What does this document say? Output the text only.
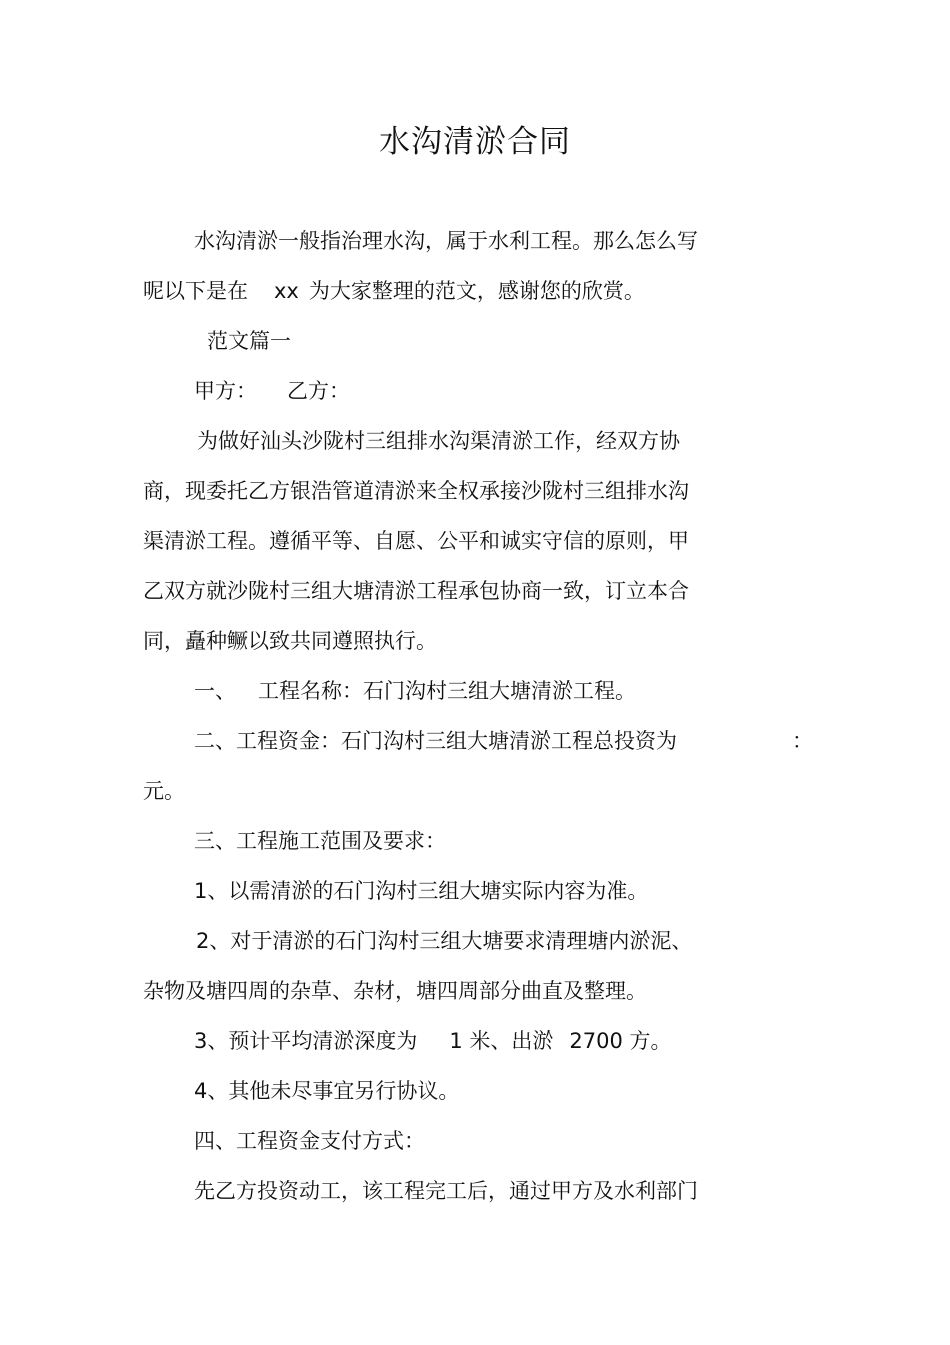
水沟清淤合同
水沟清淤一般指治理水沟，属于水利工程。那么怎么写
呢以下是在 xx 为大家整理的范文，感谢您的欣赏。
范文篇一
甲方： 乙方：
为做好汕头沙陇村三组排水沟渠清淤工作，经双方协
商，现委托乙方银浩管道清淤来全权承接沙陇村三组排水沟
渠清淤工程。遵循平等、自愿、公平和诚实守信的原则，甲
乙双方就沙陇村三组大塘清淤工程承包协商一致，订立本合
同，矗种鳜以致共同遵照执行。
一、 工程名称：石门沟村三组大塘清淤工程。
二、工程资金：石门沟村三组大塘清淤工程总投资为	：
元。
三、工程施工范围及要求：
1、以需清淤的石门沟村三组大塘实际内容为准。
2、对于清淤的石门沟村三组大塘要求清理塘内淤泥、
杂物及塘四周的杂草、杂材，塘四周部分曲直及整理。
3、预计平均清淤深度为 1 米、出淤 2700 方。
4、其他未尽事宜另行协议。
四、工程资金支付方式：
先乙方投资动工，该工程完工后，通过甲方及水利部门
